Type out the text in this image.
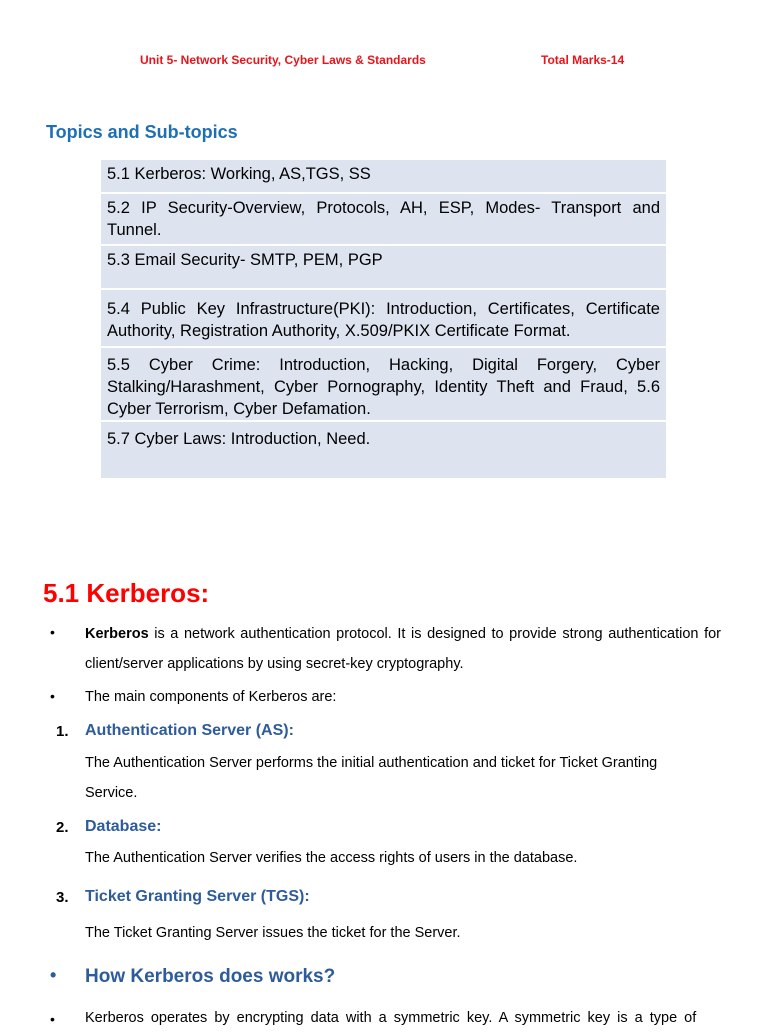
Unit 5- Network Security, Cyber Laws & Standards	Total Marks-14
Topics and Sub-topics
5.1 Kerberos: Working, AS,TGS, SS
5.2 IP Security-Overview, Protocols, AH, ESP, Modes- Transport and Tunnel.
5.3 Email Security- SMTP, PEM, PGP
5.4 Public Key Infrastructure(PKI): Introduction, Certificates, Certificate Authority, Registration Authority, X.509/PKIX Certificate Format.
5.5 Cyber Crime: Introduction, Hacking, Digital Forgery, Cyber Stalking/Harashment, Cyber Pornography, Identity Theft and Fraud, 5.6 Cyber Terrorism, Cyber Defamation.
5.7 Cyber Laws: Introduction, Need.
5.1 Kerberos:
• Kerberos is a network authentication protocol. It is designed to provide strong authentication for client/server applications by using secret-key cryptography.
• The main components of Kerberos are:
1. Authentication Server (AS):
The Authentication Server performs the initial authentication and ticket for Ticket Granting Service.
2. Database:
The Authentication Server verifies the access rights of users in the database.
3. Ticket Granting Server (TGS):
The Ticket Granting Server issues the ticket for the Server.
• How Kerberos does works?
• Kerberos operates by encrypting data with a symmetric key. A symmetric key is a type of
